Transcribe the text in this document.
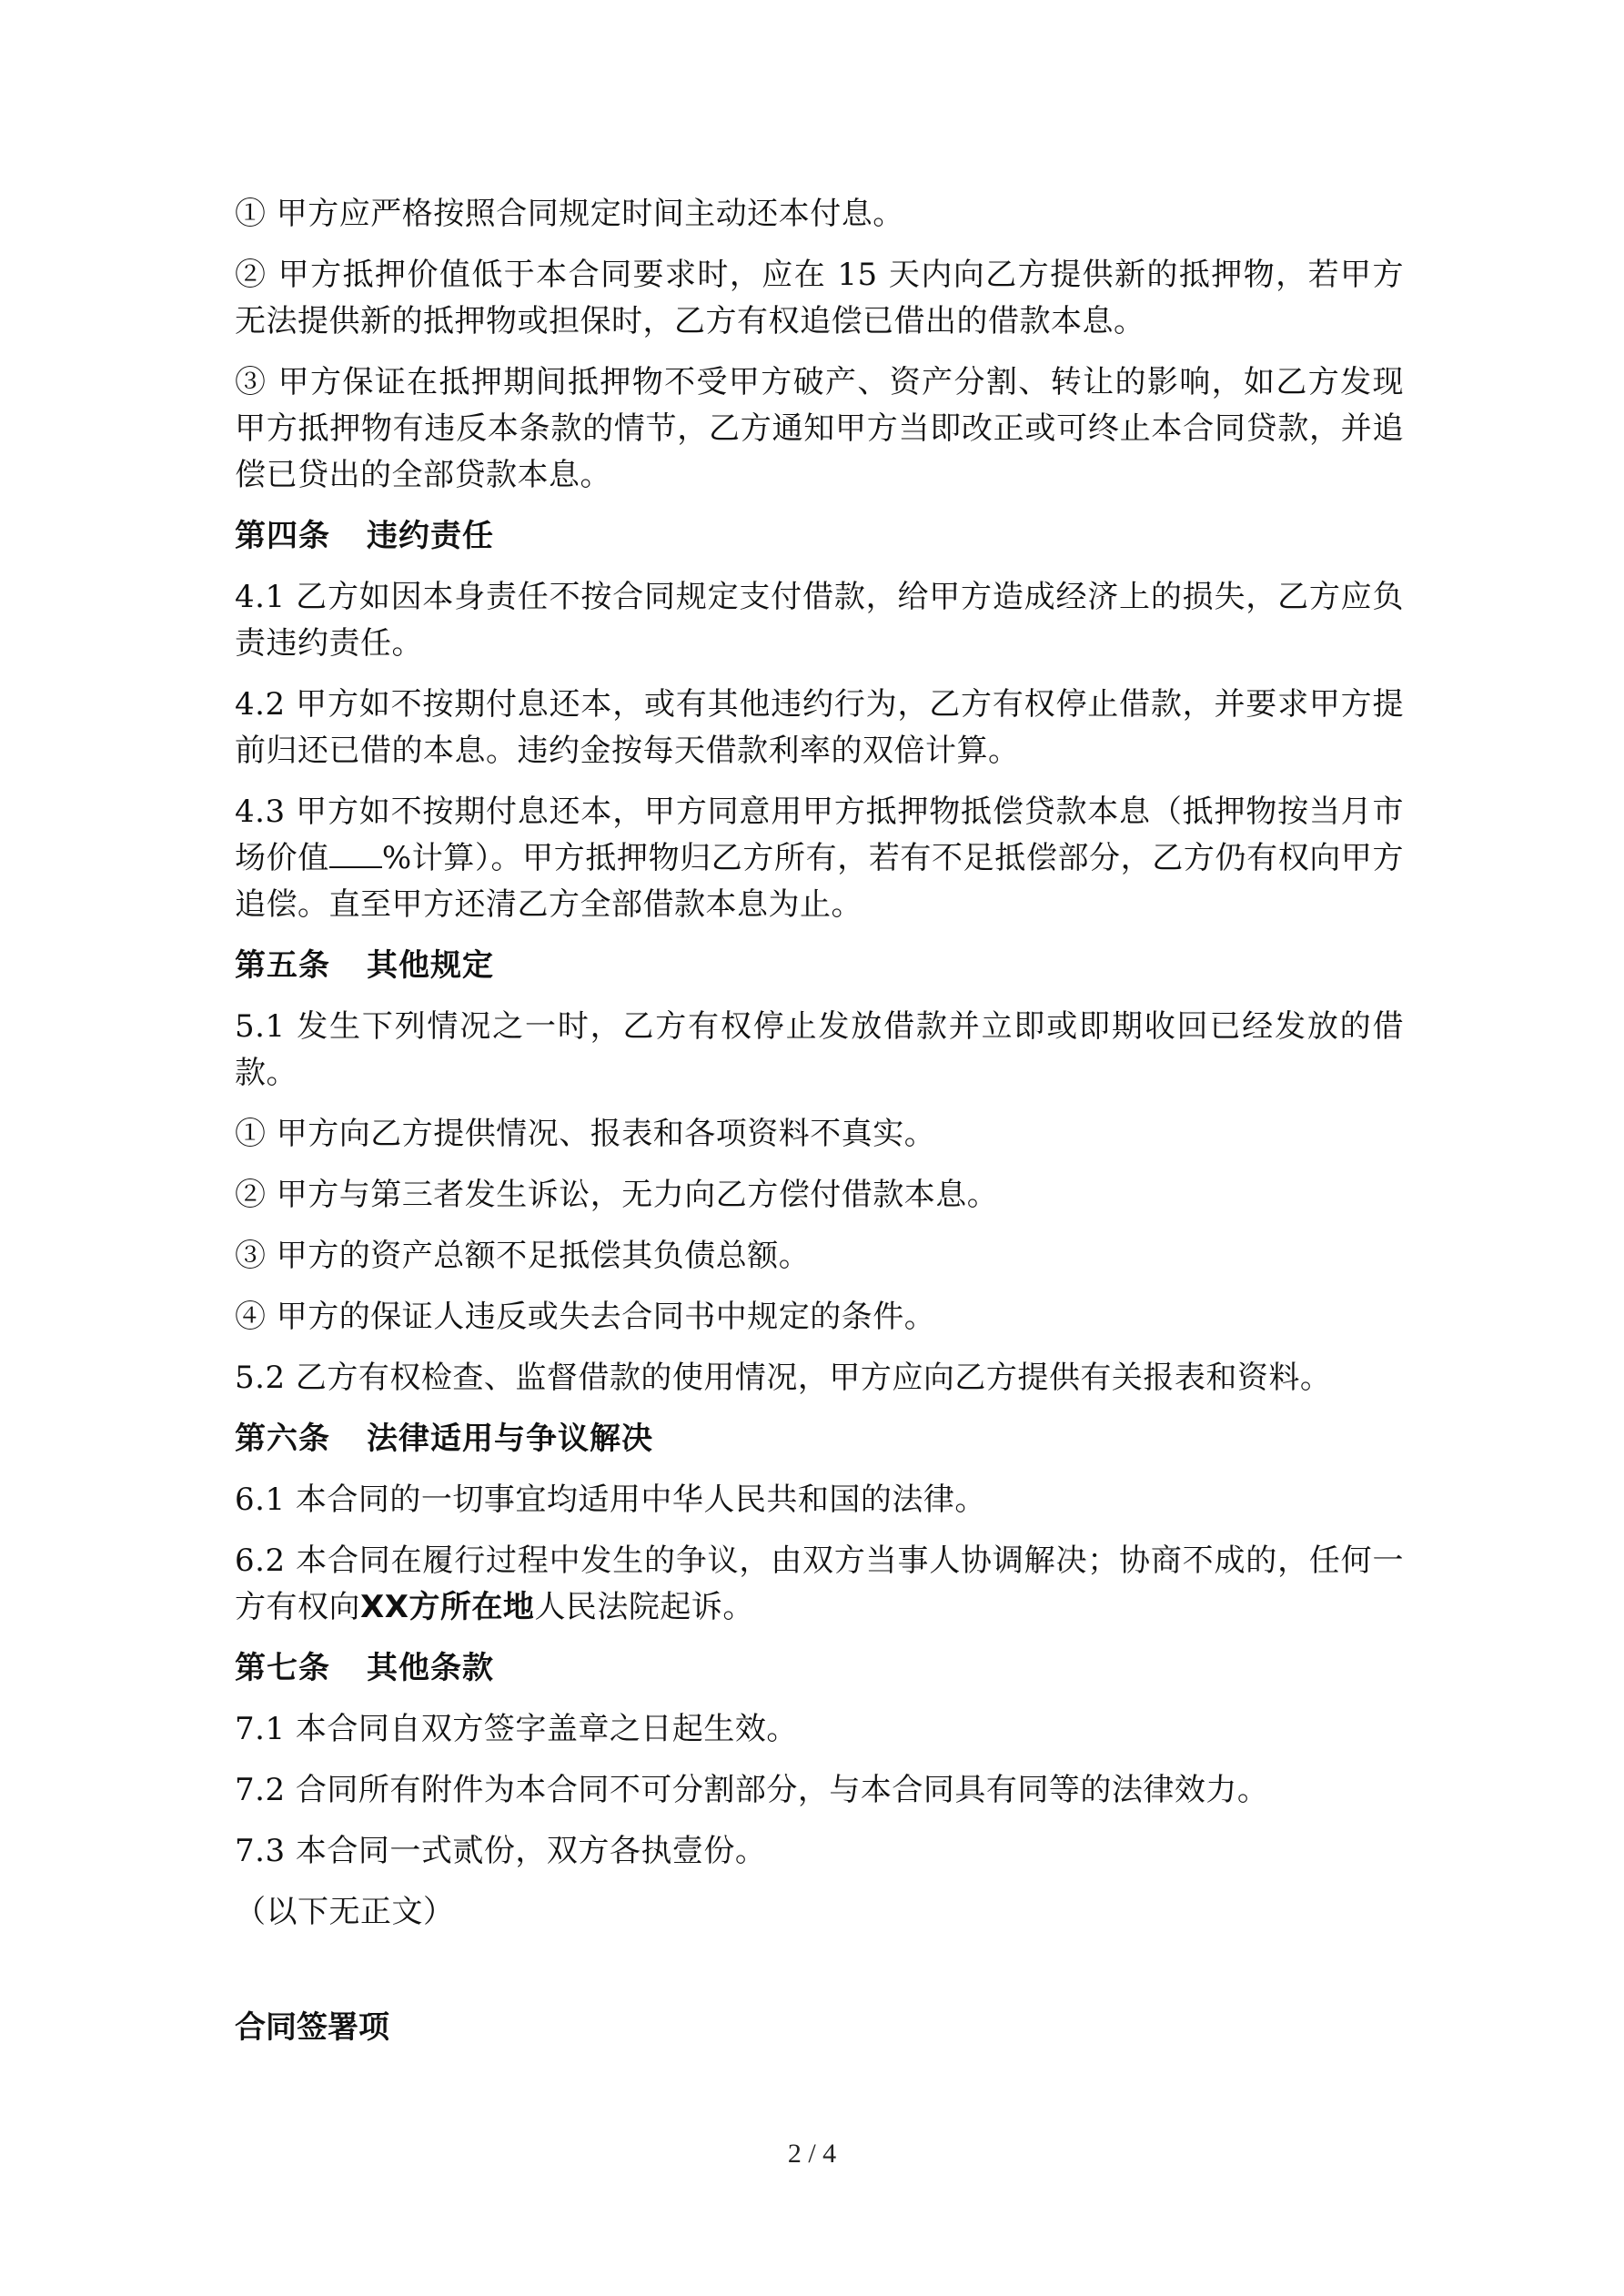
① 甲方应严格按照合同规定时间主动还本付息。

② 甲方抵押价值低于本合同要求时，应在 15 天内向乙方提供新的抵押物，若甲方无法提供新的抵押物或担保时，乙方有权追偿已借出的借款本息。

③ 甲方保证在抵押期间抵押物不受甲方破产、资产分割、转让的影响，如乙方发现甲方抵押物有违反本条款的情节，乙方通知甲方当即改正或可终止本合同贷款，并追偿已贷出的全部贷款本息。

第四条 违约责任

4.1 乙方如因本身责任不按合同规定支付借款，给甲方造成经济上的损失，乙方应负责违约责任。

4.2 甲方如不按期付息还本，或有其他违约行为，乙方有权停止借款，并要求甲方提前归还已借的本息。违约金按每天借款利率的双倍计算。

4.3 甲方如不按期付息还本，甲方同意用甲方抵押物抵偿贷款本息（抵押物按当月市场价值 %计算）。甲方抵押物归乙方所有，若有不足抵偿部分，乙方仍有权向甲方追偿。直至甲方还清乙方全部借款本息为止。

第五条 其他规定

5.1 发生下列情况之一时，乙方有权停止发放借款并立即或即期收回已经发放的借款。

① 甲方向乙方提供情况、报表和各项资料不真实。

② 甲方与第三者发生诉讼，无力向乙方偿付借款本息。

③ 甲方的资产总额不足抵偿其负债总额。

④ 甲方的保证人违反或失去合同书中规定的条件。

5.2 乙方有权检查、监督借款的使用情况，甲方应向乙方提供有关报表和资料。

第六条 法律适用与争议解决

6.1 本合同的一切事宜均适用中华人民共和国的法律。

6.2 本合同在履行过程中发生的争议，由双方当事人协调解决；协商不成的，任何一方有权向XX方所在地人民法院起诉。

第七条 其他条款

7.1 本合同自双方签字盖章之日起生效。

7.2 合同所有附件为本合同不可分割部分，与本合同具有同等的法律效力。

7.3 本合同一式贰份，双方各执壹份。

（以下无正文）

合同签署项
2 / 4
